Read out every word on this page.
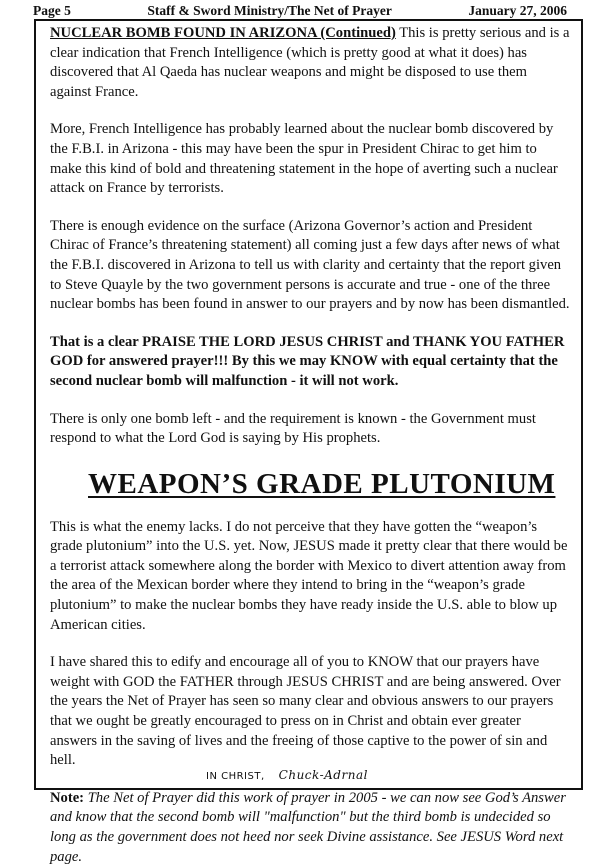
Page 5	Staff & Sword Ministry/The Net of Prayer	January 27, 2006

NUCLEAR BOMB FOUND IN ARIZONA (Continued) This is pretty serious and is a clear indication that French Intelligence (which is pretty good at what it does) has discovered that Al Qaeda has nuclear weapons and might be disposed to use them against France.

More, French Intelligence has probably learned about the nuclear bomb discovered by the F.B.I. in Arizona - this may have been the spur in President Chirac to get him to make this kind of bold and threatening statement in the hope of averting such a nuclear attack on France by terrorists.

There is enough evidence on the surface (Arizona Governor’s action and President Chirac of France’s threatening statement) all coming just a few days after news of what the F.B.I. discovered in Arizona to tell us with clarity and certainty that the report given to Steve Quayle by the two government persons is accurate and true - one of the three nuclear bombs has been found in answer to our prayers and by now has been dismantled.

That is a clear PRAISE THE LORD JESUS CHRIST and THANK YOU FATHER GOD for answered prayer!!! By this we may KNOW with equal certainty that the second nuclear bomb will malfunction - it will not work.

There is only one bomb left - and the requirement is known - the Government must respond to what the Lord God is saying by His prophets.

WEAPON’S GRADE PLUTONIUM

This is what the enemy lacks. I do not perceive that they have gotten the “weapon’s grade plutonium” into the U.S. yet. Now, JESUS made it pretty clear that there would be a terrorist attack somewhere along the border with Mexico to divert attention away from the area of the Mexican border where they intend to bring in the “weapon’s grade plutonium” to make the nuclear bombs they have ready inside the U.S. able to blow up American cities.

I have shared this to edify and encourage all of you to KNOW that our prayers have weight with GOD the FATHER through JESUS CHRIST and are being answered. Over the years the Net of Prayer has seen so many clear and obvious answers to our prayers that we ought be greatly encouraged to press on in Christ and obtain ever greater answers in the saving of lives and the freeing of those captive to the power of sin and hell.

Note: The Net of Prayer did this work of prayer in 2005 - we can now see God’s Answer and know that the second bomb will "malfunction" but the third bomb is undecided so long as the government does not heed nor seek Divine assistance. See JESUS Word next page.

IN CHRIST, Chuck-Adrnal
